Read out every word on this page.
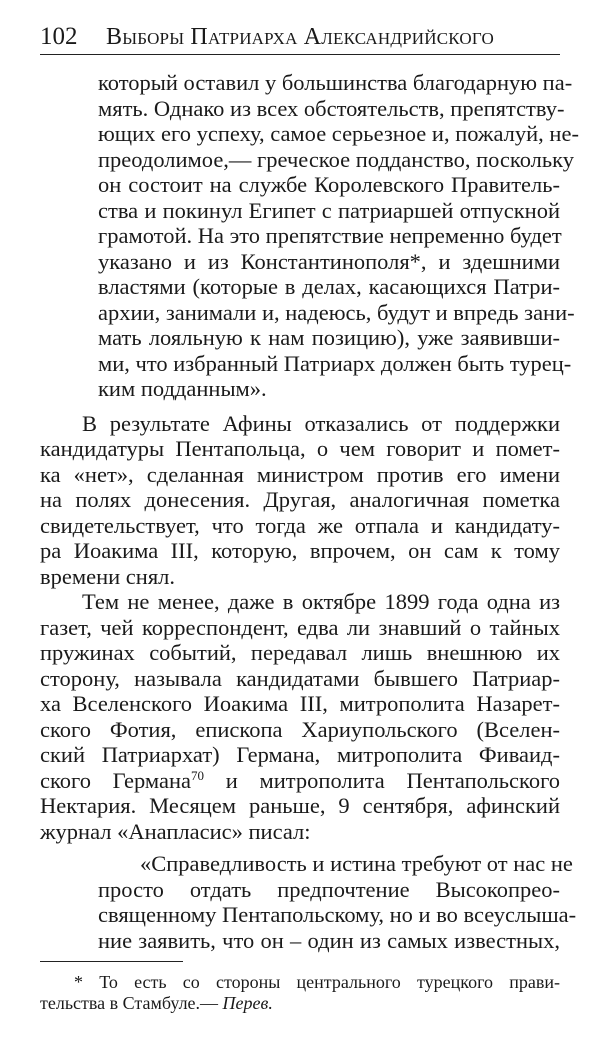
102 Выборы Патриарха Александрийского
который оставил у большинства благодарную па-
мять. Однако из всех обстоятельств, препятству-
ющих его успеху, самое серьезное и, пожалуй, не-
преодолимое,— греческое подданство, поскольку
он состоит на службе Королевского Правитель-
ства и покинул Египет с патриаршей отпускной
грамотой. На это препятствие непременно будет
указано и из Константинополя*, и здешними
властями (которые в делах, касающихся Патри-
архии, занимали и, надеюсь, будут и впредь зани-
мать лояльную к нам позицию), уже заявивши-
ми, что избранный Патриарх должен быть турец-
ким подданным».
В результате Афины отказались от поддержки
кандидатуры Пентапольца, о чем говорит и помет-
ка «нет», сделанная министром против его имени
на полях донесения. Другая, аналогичная пометка
свидетельствует, что тогда же отпала и кандидату-
ра Иоакима III, которую, впрочем, он сам к тому
времени снял.
Тем не менее, даже в октябре 1899 года одна из
газет, чей корреспондент, едва ли знавший о тайных
пружинах событий, передавал лишь внешнюю их
сторону, называла кандидатами бывшего Патриар-
ха Вселенского Иоакима III, митрополита Назарет-
ского Фотия, епископа Хариупольского (Вселен-
ский Патриархат) Германа, митрополита Фиваид-
ского Германа$^{70}$ и митрополита Пентапольского
Нектария. Месяцем раньше, 9 сентября, афинский
журнал «Анапласис» писал:
«Справедливость и истина требуют от нас не
просто отдать предпочтение Высокопрео-
священному Пентапольскому, но и во всеуслыша-
ние заявить, что он – один из самых известных,
* То есть со стороны центрального турецкого прави-
тельства в Стамбуле.— Перев.
